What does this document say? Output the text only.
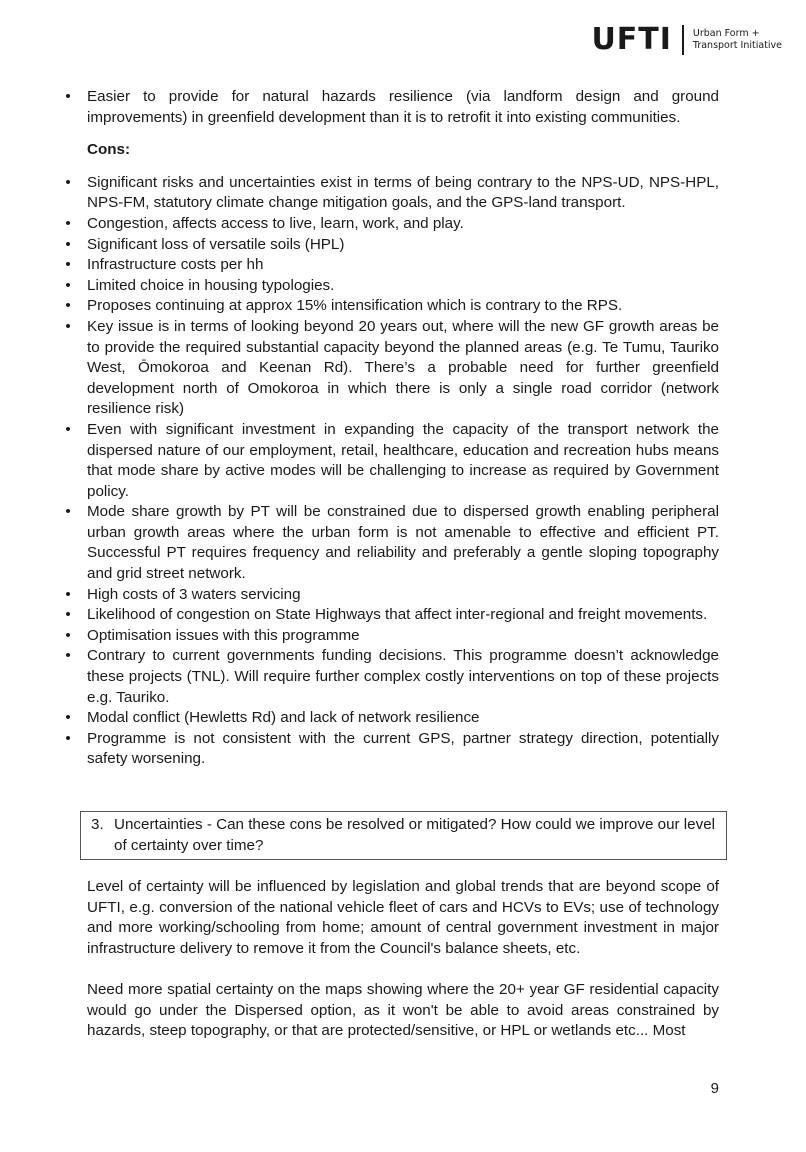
UFTI Urban Form +
Transport Initiative
• Easier to provide for natural hazards resilience (via landform design and ground improvements) in greenfield development than it is to retrofit it into existing communities.
Cons:
• Significant risks and uncertainties exist in terms of being contrary to the NPS-UD, NPS-HPL, NPS-FM, statutory climate change mitigation goals, and the GPS-land transport.
• Congestion, affects access to live, learn, work, and play.
• Significant loss of versatile soils (HPL)
• Infrastructure costs per hh
• Limited choice in housing typologies.
• Proposes continuing at approx 15% intensification which is contrary to the RPS.
• Key issue is in terms of looking beyond 20 years out, where will the new GF growth areas be to provide the required substantial capacity beyond the planned areas (e.g. Te Tumu, Tauriko West, Ōmokoroa and Keenan Rd). There’s a probable need for further greenfield development north of Omokoroa in which there is only a single road corridor (network resilience risk)
• Even with significant investment in expanding the capacity of the transport network the dispersed nature of our employment, retail, healthcare, education and recreation hubs means that mode share by active modes will be challenging to increase as required by Government policy.
• Mode share growth by PT will be constrained due to dispersed growth enabling peripheral urban growth areas where the urban form is not amenable to effective and efficient PT. Successful PT requires frequency and reliability and preferably a gentle sloping topography and grid street network.
• High costs of 3 waters servicing
• Likelihood of congestion on State Highways that affect inter-regional and freight movements.
• Optimisation issues with this programme
• Contrary to current governments funding decisions. This programme doesn’t acknowledge these projects (TNL). Will require further complex costly interventions on top of these projects e.g. Tauriko.
• Modal conflict (Hewletts Rd) and lack of network resilience
• Programme is not consistent with the current GPS, partner strategy direction, potentially safety worsening.
3. Uncertainties - Can these cons be resolved or mitigated? How could we improve our level of certainty over time?

Level of certainty will be influenced by legislation and global trends that are beyond scope of UFTI, e.g. conversion of the national vehicle fleet of cars and HCVs to EVs; use of technology and more working/schooling from home; amount of central government investment in major infrastructure delivery to remove it from the Council's balance sheets, etc.

Need more spatial certainty on the maps showing where the 20+ year GF residential capacity would go under the Dispersed option, as it won't be able to avoid areas constrained by hazards, steep topography, or that are protected/sensitive, or HPL or wetlands etc... Most

9
